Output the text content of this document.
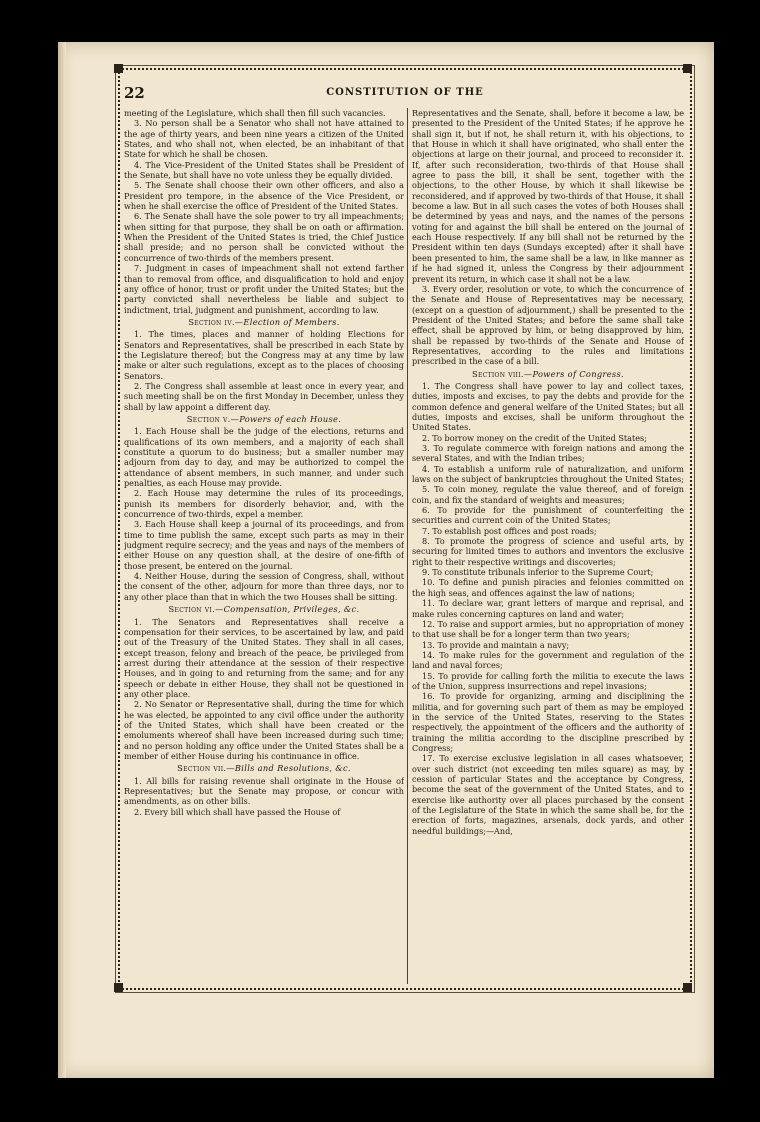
22	CONSTITUTION OF THE

meeting of the Legislature, which shall then fill such vacancies.

3. No person shall be a Senator who shall not have attained to the age of thirty years, and been nine years a citizen of the United States, and who shall not, when elected, be an inhabitant of that State for which he shall be chosen.

4. The Vice-President of the United States shall be President of the Senate, but shall have no vote unless they be equally divided.

5. The Senate shall choose their own other officers, and also a President pro tempore, in the absence of the Vice President, or when he shall exercise the office of President of the United States.

6. The Senate shall have the sole power to try all impeachments; when sitting for that purpose, they shall be on oath or affirmation. When the President of the United States is tried, the Chief Justice shall preside; and no person shall be convicted without the concurrence of two-thirds of the members present.

7. Judgment in cases of impeachment shall not extend farther than to removal from office, and disqualification to hold and enjoy any office of honor, trust or profit under the United States; but the party convicted shall nevertheless be liable and subject to indictment, trial, judgment and punishment, according to law.

Section iv.—Election of Members.

1. The times, places and manner of holding Elections for Senators and Representatives, shall be prescribed in each State by the Legislature thereof; but the Congress may at any time by law make or alter such regulations, except as to the places of choosing Senators.

2. The Congress shall assemble at least once in every year, and such meeting shall be on the first Monday in December, unless they shall by law appoint a different day.

Section v.—Powers of each House.

1. Each House shall be the judge of the elections, returns and qualifications of its own members, and a majority of each shall constitute a quorum to do business; but a smaller number may adjourn from day to day, and may be authorized to compel the attendance of absent members, in such manner, and under such penalties, as each House may provide.

2. Each House may determine the rules of its proceedings, punish its members for disorderly behavior, and, with the concurrence of two-thirds, expel a member.

3. Each House shall keep a journal of its proceedings, and from time to time publish the same, except such parts as may in their judgment require secrecy; and the yeas and nays of the members of either House on any question shall, at the desire of one-fifth of those present, be entered on the journal.

4. Neither House, during the session of Congress, shall, without the consent of the other, adjourn for more than three days, nor to any other place than that in which the two Houses shall be sitting.

Section vi.—Compensation, Privileges, &c.

1. The Senators and Representatives shall receive a compensation for their services, to be ascertained by law, and paid out of the Treasury of the United States. They shall in all cases, except treason, felony and breach of the peace, be privileged from arrest during their attendance at the session of their respective Houses, and in going to and returning from the same; and for any speech or debate in either House, they shall not be questioned in any other place.

2. No Senator or Representative shall, during the time for which he was elected, be appointed to any civil office under the authority of the United States, which shall have been created or the emoluments whereof shall have been increased during such time; and no person holding any office under the United States shall be a member of either House during his continuance in office.

Section vii.—Bills and Resolutions, &c.

1. All bills for raising revenue shall originate in the House of Representatives; but the Senate may propose, or concur with amendments, as on other bills.

2. Every bill which shall have passed the House of

Representatives and the Senate, shall, before it become a law, be presented to the President of the United States; if he approve he shall sign it, but if not, he shall return it, with his objections, to that House in which it shall have originated, who shall enter the objections at large on their journal, and proceed to reconsider it. If, after such reconsideration, two-thirds of that House shall agree to pass the bill, it shall be sent, together with the objections, to the other House, by which it shall likewise be reconsidered, and if approved by two-thirds of that House, it shall become a law. But in all such cases the votes of both Houses shall be determined by yeas and nays, and the names of the persons voting for and against the bill shall be entered on the journal of each House respectively. If any bill shall not be returned by the President within ten days (Sundays excepted) after it shall have been presented to him, the same shall be a law, in like manner as if he had signed it, unless the Congress by their adjournment prevent its return, in which case it shall not be a law.

3. Every order, resolution or vote, to which the concurrence of the Senate and House of Representatives may be necessary, (except on a question of adjournment,) shall be presented to the President of the United States; and before the same shall take effect, shall be approved by him, or being disapproved by him, shall be repassed by two-thirds of the Senate and House of Representatives, according to the rules and limitations prescribed in the case of a bill.

Section viii.—Powers of Congress.

1. The Congress shall have power to lay and collect taxes, duties, imposts and excises, to pay the debts and provide for the common defence and general welfare of the United States; but all duties, imposts and excises, shall be uniform throughout the United States.

2. To borrow money on the credit of the United States;

3. To regulate commerce with foreign nations and among the several States, and with the Indian tribes;

4. To establish a uniform rule of naturalization, and uniform laws on the subject of bankruptcies throughout the United States;

5. To coin money, regulate the value thereof, and of foreign coin, and fix the standard of weights and measures;

6. To provide for the punishment of counterfeiting the securities and current coin of the United States;

7. To establish post offices and post roads;

8. To promote the progress of science and useful arts, by securing for limited times to authors and inventors the exclusive right to their respective writings and discoveries;

9. To constitute tribunals inferior to the Supreme Court;

10. To define and punish piracies and felonies committed on the high seas, and offences against the law of nations;

11. To declare war, grant letters of marque and reprisal, and make rules concerning captures on land and water;

12. To raise and support armies, but no appropriation of money to that use shall be for a longer term than two years;

13. To provide and maintain a navy;

14. To make rules for the government and regulation of the land and naval forces;

15. To provide for calling forth the militia to execute the laws of the Union, suppress insurrections and repel invasions;

16. To provide for organizing, arming and disciplining the militia, and for governing such part of them as may be employed in the service of the United States, reserving to the States respectively, the appointment of the officers and the authority of training the militia according to the discipline prescribed by Congress;

17. To exercise exclusive legislation in all cases whatsoever, over such district (not exceeding ten miles square) as may, by cession of particular States and the acceptance by Congress, become the seat of the government of the United States, and to exercise like authority over all places purchased by the consent of the Legislature of the State in which the same shall be, for the erection of forts, magazines, arsenals, dock yards, and other needful buildings;—And,
